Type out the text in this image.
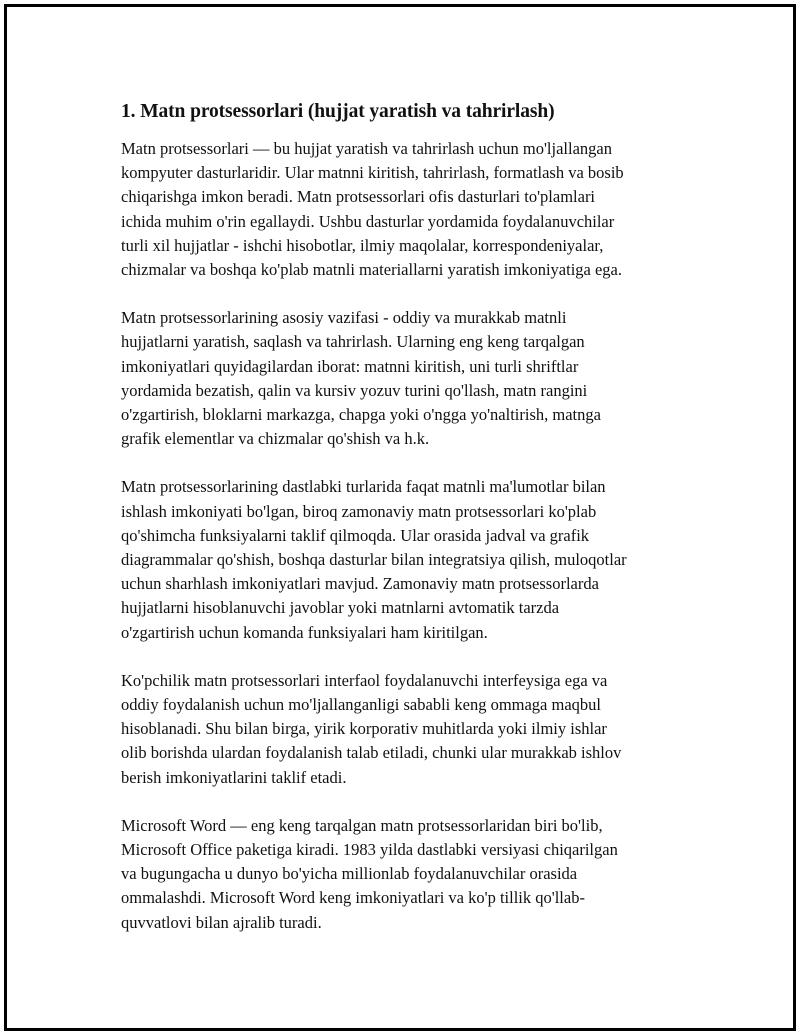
1. Matn protsessorlari (hujjat yaratish va tahrirlash)

Matn protsessorlari — bu hujjat yaratish va tahrirlash uchun mo'ljallangan
kompyuter dasturlaridir. Ular matnni kiritish, tahrirlash, formatlash va bosib
chiqarishga imkon beradi. Matn protsessorlari ofis dasturlari to'plamlari
ichida muhim o'rin egallaydi. Ushbu dasturlar yordamida foydalanuvchilar
turli xil hujjatlar - ishchi hisobotlar, ilmiy maqolalar, korrespondeniyalar,
chizmalar va boshqa ko'plab matnli materiallarni yaratish imkoniyatiga ega.

Matn protsessorlarining asosiy vazifasi - oddiy va murakkab matnli
hujjatlarni yaratish, saqlash va tahrirlash. Ularning eng keng tarqalgan
imkoniyatlari quyidagilardan iborat: matnni kiritish, uni turli shriftlar
yordamida bezatish, qalin va kursiv yozuv turini qo'llash, matn rangini
o'zgartirish, bloklarni markazga, chapga yoki o'ngga yo'naltirish, matnga
grafik elementlar va chizmalar qo'shish va h.k.

Matn protsessorlarining dastlabki turlarida faqat matnli ma'lumotlar bilan
ishlash imkoniyati bo'lgan, biroq zamonaviy matn protsessorlari ko'plab
qo'shimcha funksiyalarni taklif qilmoqda. Ular orasida jadval va grafik
diagrammalar qo'shish, boshqa dasturlar bilan integratsiya qilish, muloqotlar
uchun sharhlash imkoniyatlari mavjud. Zamonaviy matn protsessorlarda
hujjatlarni hisoblanuvchi javoblar yoki matnlarni avtomatik tarzda
o'zgartirish uchun komanda funksiyalari ham kiritilgan.

Ko'pchilik matn protsessorlari interfaol foydalanuvchi interfeysiga ega va
oddiy foydalanish uchun mo'ljallanganligi sababli keng ommaga maqbul
hisoblanadi. Shu bilan birga, yirik korporativ muhitlarda yoki ilmiy ishlar
olib borishda ulardan foydalanish talab etiladi, chunki ular murakkab ishlov
berish imkoniyatlarini taklif etadi.

Microsoft Word — eng keng tarqalgan matn protsessorlaridan biri bo'lib,
Microsoft Office paketiga kiradi. 1983 yilda dastlabki versiyasi chiqarilgan
va bugungacha u dunyo bo'yicha millionlab foydalanuvchilar orasida
ommalashdi. Microsoft Word keng imkoniyatlari va ko'p tillik qo'llab-
quvvatlovi bilan ajralib turadi.
